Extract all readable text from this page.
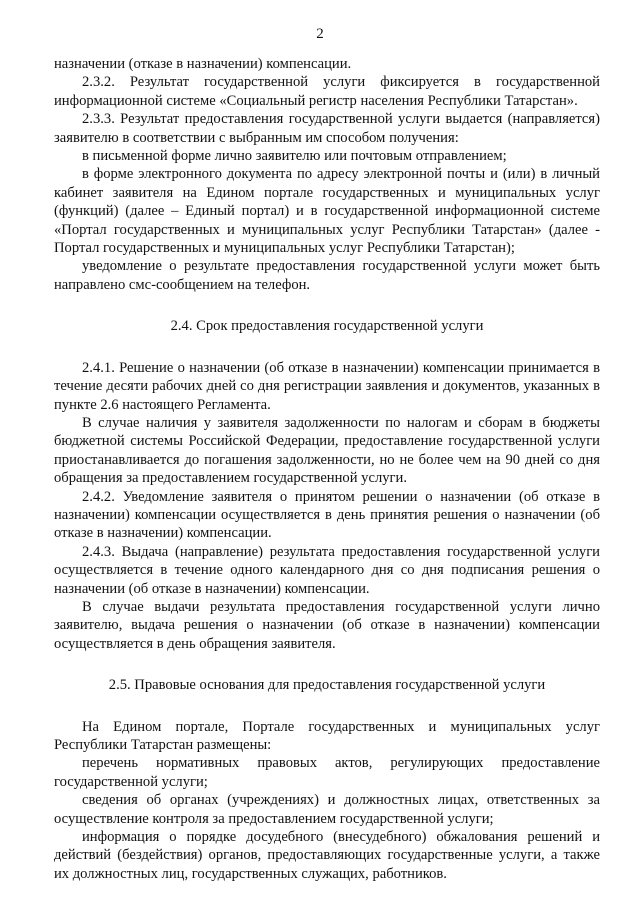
2

назначении (отказе в назначении) компенсации.

2.3.2. Результат государственной услуги фиксируется в государственной информационной системе «Социальный регистр населения Республики Татарстан».

2.3.3. Результат предоставления государственной услуги выдается (направляется) заявителю в соответствии с выбранным им способом получения:

в письменной форме лично заявителю или почтовым отправлением;

в форме электронного документа по адресу электронной почты и (или) в личный кабинет заявителя на Едином портале государственных и муниципальных услуг (функций) (далее – Единый портал) и в государственной информационной системе «Портал государственных и муниципальных услуг Республики Татарстан» (далее - Портал государственных и муниципальных услуг Республики Татарстан);

уведомление о результате предоставления государственной услуги может быть направлено смс-сообщением на телефон.

2.4. Срок предоставления государственной услуги

2.4.1. Решение о назначении (об отказе в назначении) компенсации принимается в течение десяти рабочих дней со дня регистрации заявления и документов, указанных в пункте 2.6 настоящего Регламента.

В случае наличия у заявителя задолженности по налогам и сборам в бюджеты бюджетной системы Российской Федерации, предоставление государственной услуги приостанавливается до погашения задолженности, но не более чем на 90 дней со дня обращения за предоставлением государственной услуги.

2.4.2. Уведомление заявителя о принятом решении о назначении (об отказе в назначении) компенсации осуществляется в день принятия решения о назначении (об отказе в назначении) компенсации.

2.4.3. Выдача (направление) результата предоставления государственной услуги осуществляется в течение одного календарного дня со дня подписания решения о назначении (об отказе в назначении) компенсации.

В случае выдачи результата предоставления государственной услуги лично заявителю, выдача решения о назначении (об отказе в назначении) компенсации осуществляется в день обращения заявителя.

2.5. Правовые основания для предоставления государственной услуги

На Едином портале, Портале государственных и муниципальных услуг Республики Татарстан размещены:

перечень нормативных правовых актов, регулирующих предоставление государственной услуги;

сведения об органах (учреждениях) и должностных лицах, ответственных за осуществление контроля за предоставлением государственной услуги;

информация о порядке досудебного (внесудебного) обжалования решений и действий (бездействия) органов, предоставляющих государственные услуги, а также их должностных лиц, государственных служащих, работников.
